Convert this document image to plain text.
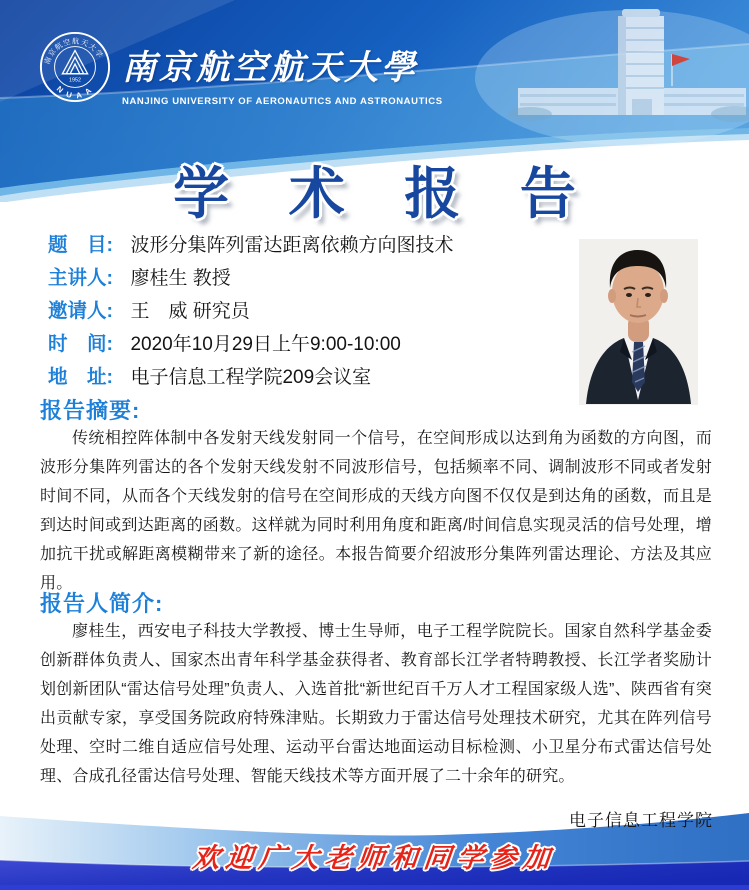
南京航空航天大学
N U A A
1952 南京航空航天大學
NANJING UNIVERSITY OF AERONAUTICS AND ASTRONAUTICS
学 术 报 告
题　目: 波形分集阵列雷达距离依赖方向图技术
主讲人: 廖桂生 教授
邀请人: 王　威 研究员
时　间: 2020年10月29日上午9:00-10:00
地　址: 电子信息工程学院209会议室
报告摘要:
传统相控阵体制中各发射天线发射同一个信号，在空间形成以达到角为函数的方向图，而波形分集阵列雷达的各个发射天线发射不同波形信号，包括频率不同、调制波形不同或者发射时间不同，从而各个天线发射的信号在空间形成的天线方向图不仅仅是到达角的函数，而且是到达时间或到达距离的函数。这样就为同时利用角度和距离/时间信息实现灵活的信号处理，增加抗干扰或解距离模糊带来了新的途径。本报告简要介绍波形分集阵列雷达理论、方法及其应用。
报告人简介:
廖桂生，西安电子科技大学教授、博士生导师，电子工程学院院长。国家自然科学基金委创新群体负责人、国家杰出青年科学基金获得者、教育部长江学者特聘教授、长江学者奖励计划创新团队“雷达信号处理”负责人、入选首批“新世纪百千万人才工程国家级人选”、陕西省有突出贡献专家，享受国务院政府特殊津贴。长期致力于雷达信号处理技术研究，尤其在阵列信号处理、空时二维自适应信号处理、运动平台雷达地面运动目标检测、小卫星分布式雷达信号处理、合成孔径雷达信号处理、智能天线技术等方面开展了二十余年的研究。
电子信息工程学院
欢迎广大老师和同学参加
